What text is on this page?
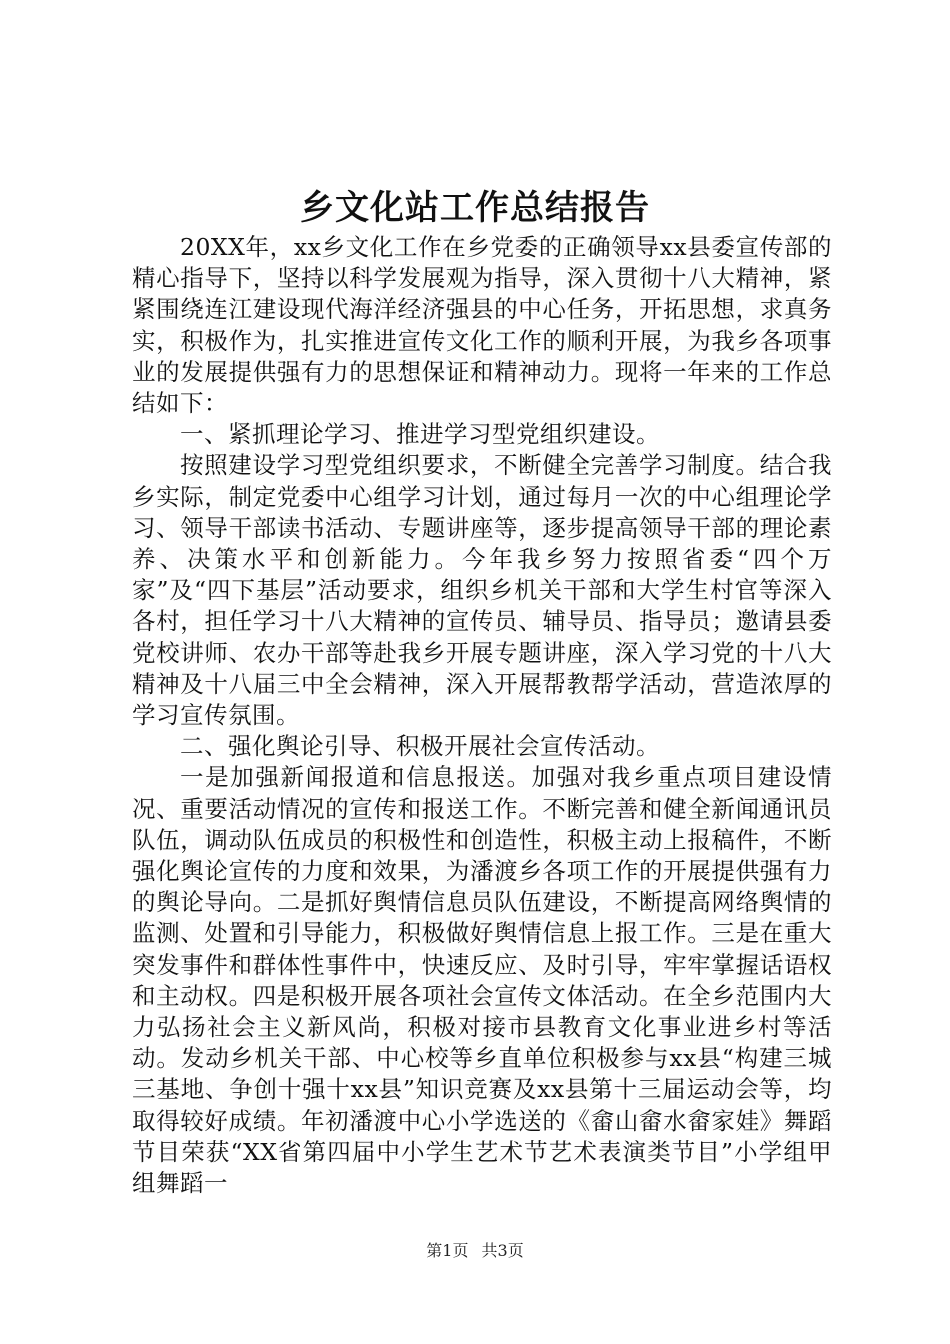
乡文化站工作总结报告

20XX年，xx乡文化工作在乡党委的正确领导xx县委宣传部的精心指导下，坚持以科学发展观为指导，深入贯彻十八大精神，紧紧围绕连江建设现代海洋经济强县的中心任务，开拓思想，求真务实，积极作为，扎实推进宣传文化工作的顺利开展，为我乡各项事业的发展提供强有力的思想保证和精神动力。现将一年来的工作总结如下：

一、紧抓理论学习、推进学习型党组织建设。

按照建设学习型党组织要求，不断健全完善学习制度。结合我乡实际，制定党委中心组学习计划，通过每月一次的中心组理论学习、领导干部读书活动、专题讲座等，逐步提高领导干部的理论素养、决策水平和创新能力。今年我乡努力按照省委“四个万家”及“四下基层”活动要求，组织乡机关干部和大学生村官等深入各村，担任学习十八大精神的宣传员、辅导员、指导员；邀请县委党校讲师、农办干部等赴我乡开展专题讲座，深入学习党的十八大精神及十八届三中全会精神，深入开展帮教帮学活动，营造浓厚的学习宣传氛围。

二、强化舆论引导、积极开展社会宣传活动。

一是加强新闻报道和信息报送。加强对我乡重点项目建设情况、重要活动情况的宣传和报送工作。不断完善和健全新闻通讯员队伍，调动队伍成员的积极性和创造性，积极主动上报稿件，不断强化舆论宣传的力度和效果，为潘渡乡各项工作的开展提供强有力的舆论导向。二是抓好舆情信息员队伍建设，不断提高网络舆情的监测、处置和引导能力，积极做好舆情信息上报工作。三是在重大突发事件和群体性事件中，快速反应、及时引导，牢牢掌握话语权和主动权。四是积极开展各项社会宣传文体活动。在全乡范围内大力弘扬社会主义新风尚，积极对接市县教育文化事业进乡村等活动。发动乡机关干部、中心校等乡直单位积极参与xx县“构建三城三基地、争创十强十xx县”知识竞赛及xx县第十三届运动会等，均取得较好成绩。年初潘渡中心小学选送的《畲山畲水畲家娃》舞蹈节目荣获“XX省第四届中小学生艺术节艺术表演类节目”小学组甲组舞蹈一

第1页 共3页
